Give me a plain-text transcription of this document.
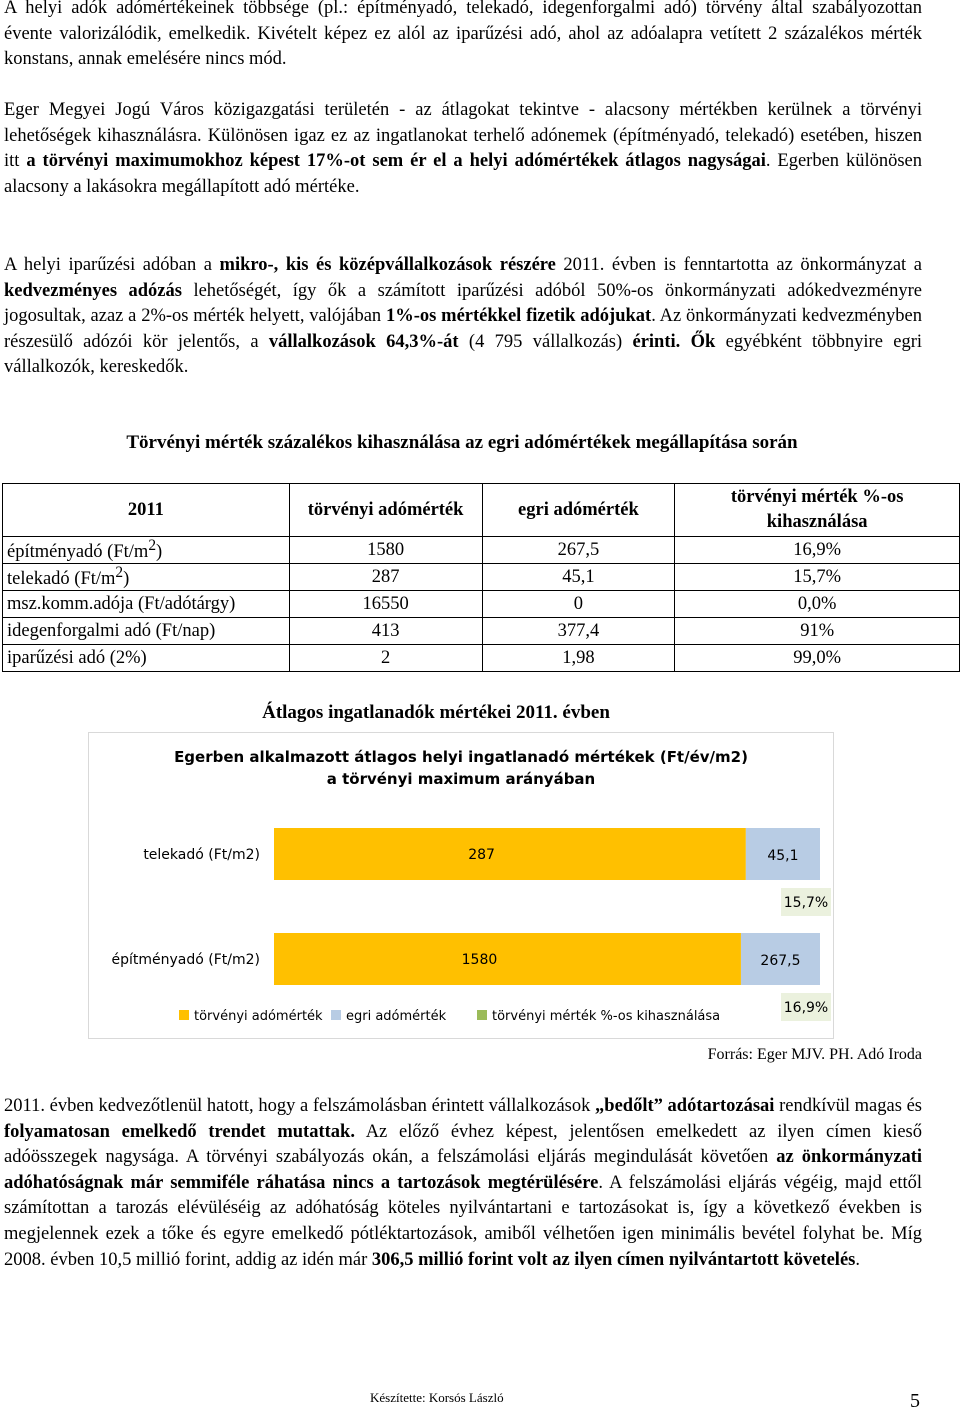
A helyi adók adómértékeinek többsége (pl.: építményadó, telekadó, idegenforgalmi adó) törvény által szabályozottan évente valorizálódik, emelkedik. Kivételt képez ez alól az iparűzési adó, ahol az adóalapra vetített 2 százalékos mérték konstans, annak emelésére nincs mód.

Eger Megyei Jogú Város közigazgatási területén - az átlagokat tekintve - alacsony mértékben kerülnek a törvényi lehetőségek kihasználásra. Különösen igaz ez az ingatlanokat terhelő adónemek (építményadó, telekadó) esetében, hiszen itt a törvényi maximumokhoz képest 17%-ot sem ér el a helyi adómértékek átlagos nagyságai. Egerben különösen alacsony a lakásokra megállapított adó mértéke.

A helyi iparűzési adóban a mikro-, kis és középvállalkozások részére 2011. évben is fenntartotta az önkormányzat a kedvezményes adózás lehetőségét, így ők a számított iparűzési adóból 50%-os önkormányzati adókedvezményre jogosultak, azaz a 2%-os mérték helyett, valójában 1%-os mértékkel fizetik adójukat. Az önkormányzati kedvezményben részesülő adózói kör jelentős, a vállalkozások 64,3%-át (4 795 vállalkozás) érinti. Ők egyébként többnyire egri vállalkozók, kereskedők.

Törvényi mérték százalékos kihasználása az egri adómértékek megállapítása során
2011	törvényi adómérték	egri adómérték	törvényi mérték %-os kihasználása
építményadó $(Ft/m^2)$	1580	267,5	16,9%
telekadó $(Ft/m^2)$	287	45,1	15,7%
msz.komm.adója (Ft/adótárgy)	16550	0	0,0%
idegenforgalmi adó (Ft/nap)	413	377,4	91%
iparűzési adó (2%)	2	1,98	99,0%
Átlagos ingatlanadók mértékei 2011. évben
Egerben alkalmazott átlagos helyi ingatlanadó mértékek (Ft/év/m2)
a törvényi maximum arányában
telekadó (Ft/m2)	287	45,1
15,7%
építményadó (Ft/m2)	1580	267,5
16,9%
törvényi adómérték egri adómérték	törvényi mérték %-os kihasználása
Forrás: Eger MJV. PH. Adó Iroda

2011. évben kedvezőtlenül hatott, hogy a felszámolásban érintett vállalkozások „bedőlt” adótartozásai rendkívül magas és folyamatosan emelkedő trendet mutattak. Az előző évhez képest, jelentősen emelkedett az ilyen címen kieső adóösszegek nagysága. A törvényi szabályozás okán, a felszámolási eljárás megindulását követően az önkormányzati adóhatóságnak már semmiféle ráhatása nincs a tartozások megtérülésére. A felszámolási eljárás végéig, majd ettől számítottan a tarozás elévüléséig az adóhatóság köteles nyilvántartani e tartozásokat is, így a következő években is megjelennek ezek a tőke és egyre emelkedő pótléktartozások, amiből vélhetően igen minimális bevétel folyhat be. Míg 2008. évben 10,5 millió forint, addig az idén már 306,5 millió forint volt az ilyen címen nyilvántartott követelés.

Készítette: Korsós László	5
